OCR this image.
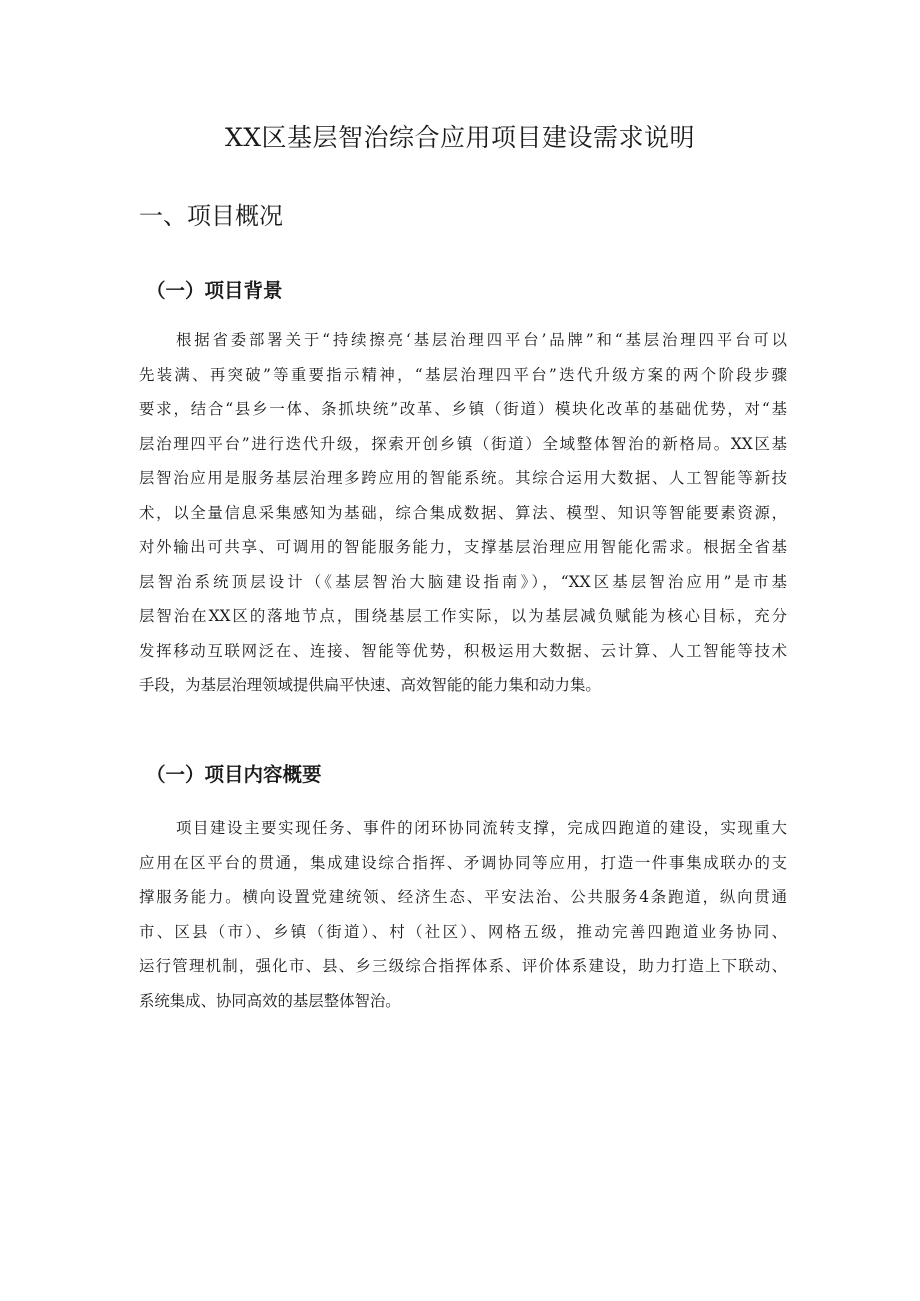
XX区基层智治综合应用项目建设需求说明
一、项目概况
（一）项目背景
根据省委部署关于“持续擦亮‘基层治理四平台’品牌”和“基层治理四平台可以
先装满、再突破”等重要指示精神，“基层治理四平台”迭代升级方案的两个阶段步骤
要求，结合“县乡一体、条抓块统”改革、乡镇（街道）模块化改革的基础优势，对“基
层治理四平台”进行迭代升级，探索开创乡镇（街道）全域整体智治的新格局。XX区基
层智治应用是服务基层治理多跨应用的智能系统。其综合运用大数据、人工智能等新技
术，以全量信息采集感知为基础，综合集成数据、算法、模型、知识等智能要素资源，
对外输出可共享、可调用的智能服务能力，支撑基层治理应用智能化需求。根据全省基
层智治系统顶层设计（《基层智治大脑建设指南》），“XX区基层智治应用”是市基
层智治在XX区的落地节点，围绕基层工作实际，以为基层减负赋能为核心目标，充分
发挥移动互联网泛在、连接、智能等优势，积极运用大数据、云计算、人工智能等技术
手段，为基层治理领域提供扁平快速、高效智能的能力集和动力集。
（一）项目内容概要
项目建设主要实现任务、事件的闭环协同流转支撑，完成四跑道的建设，实现重大
应用在区平台的贯通，集成建设综合指挥、矛调协同等应用，打造一件事集成联办的支
撑服务能力。横向设置党建统领、经济生态、平安法治、公共服务4条跑道，纵向贯通
市、区县（市）、乡镇（街道）、村（社区）、网格五级，推动完善四跑道业务协同、
运行管理机制，强化市、县、乡三级综合指挥体系、评价体系建设，助力打造上下联动、
系统集成、协同高效的基层整体智治。
